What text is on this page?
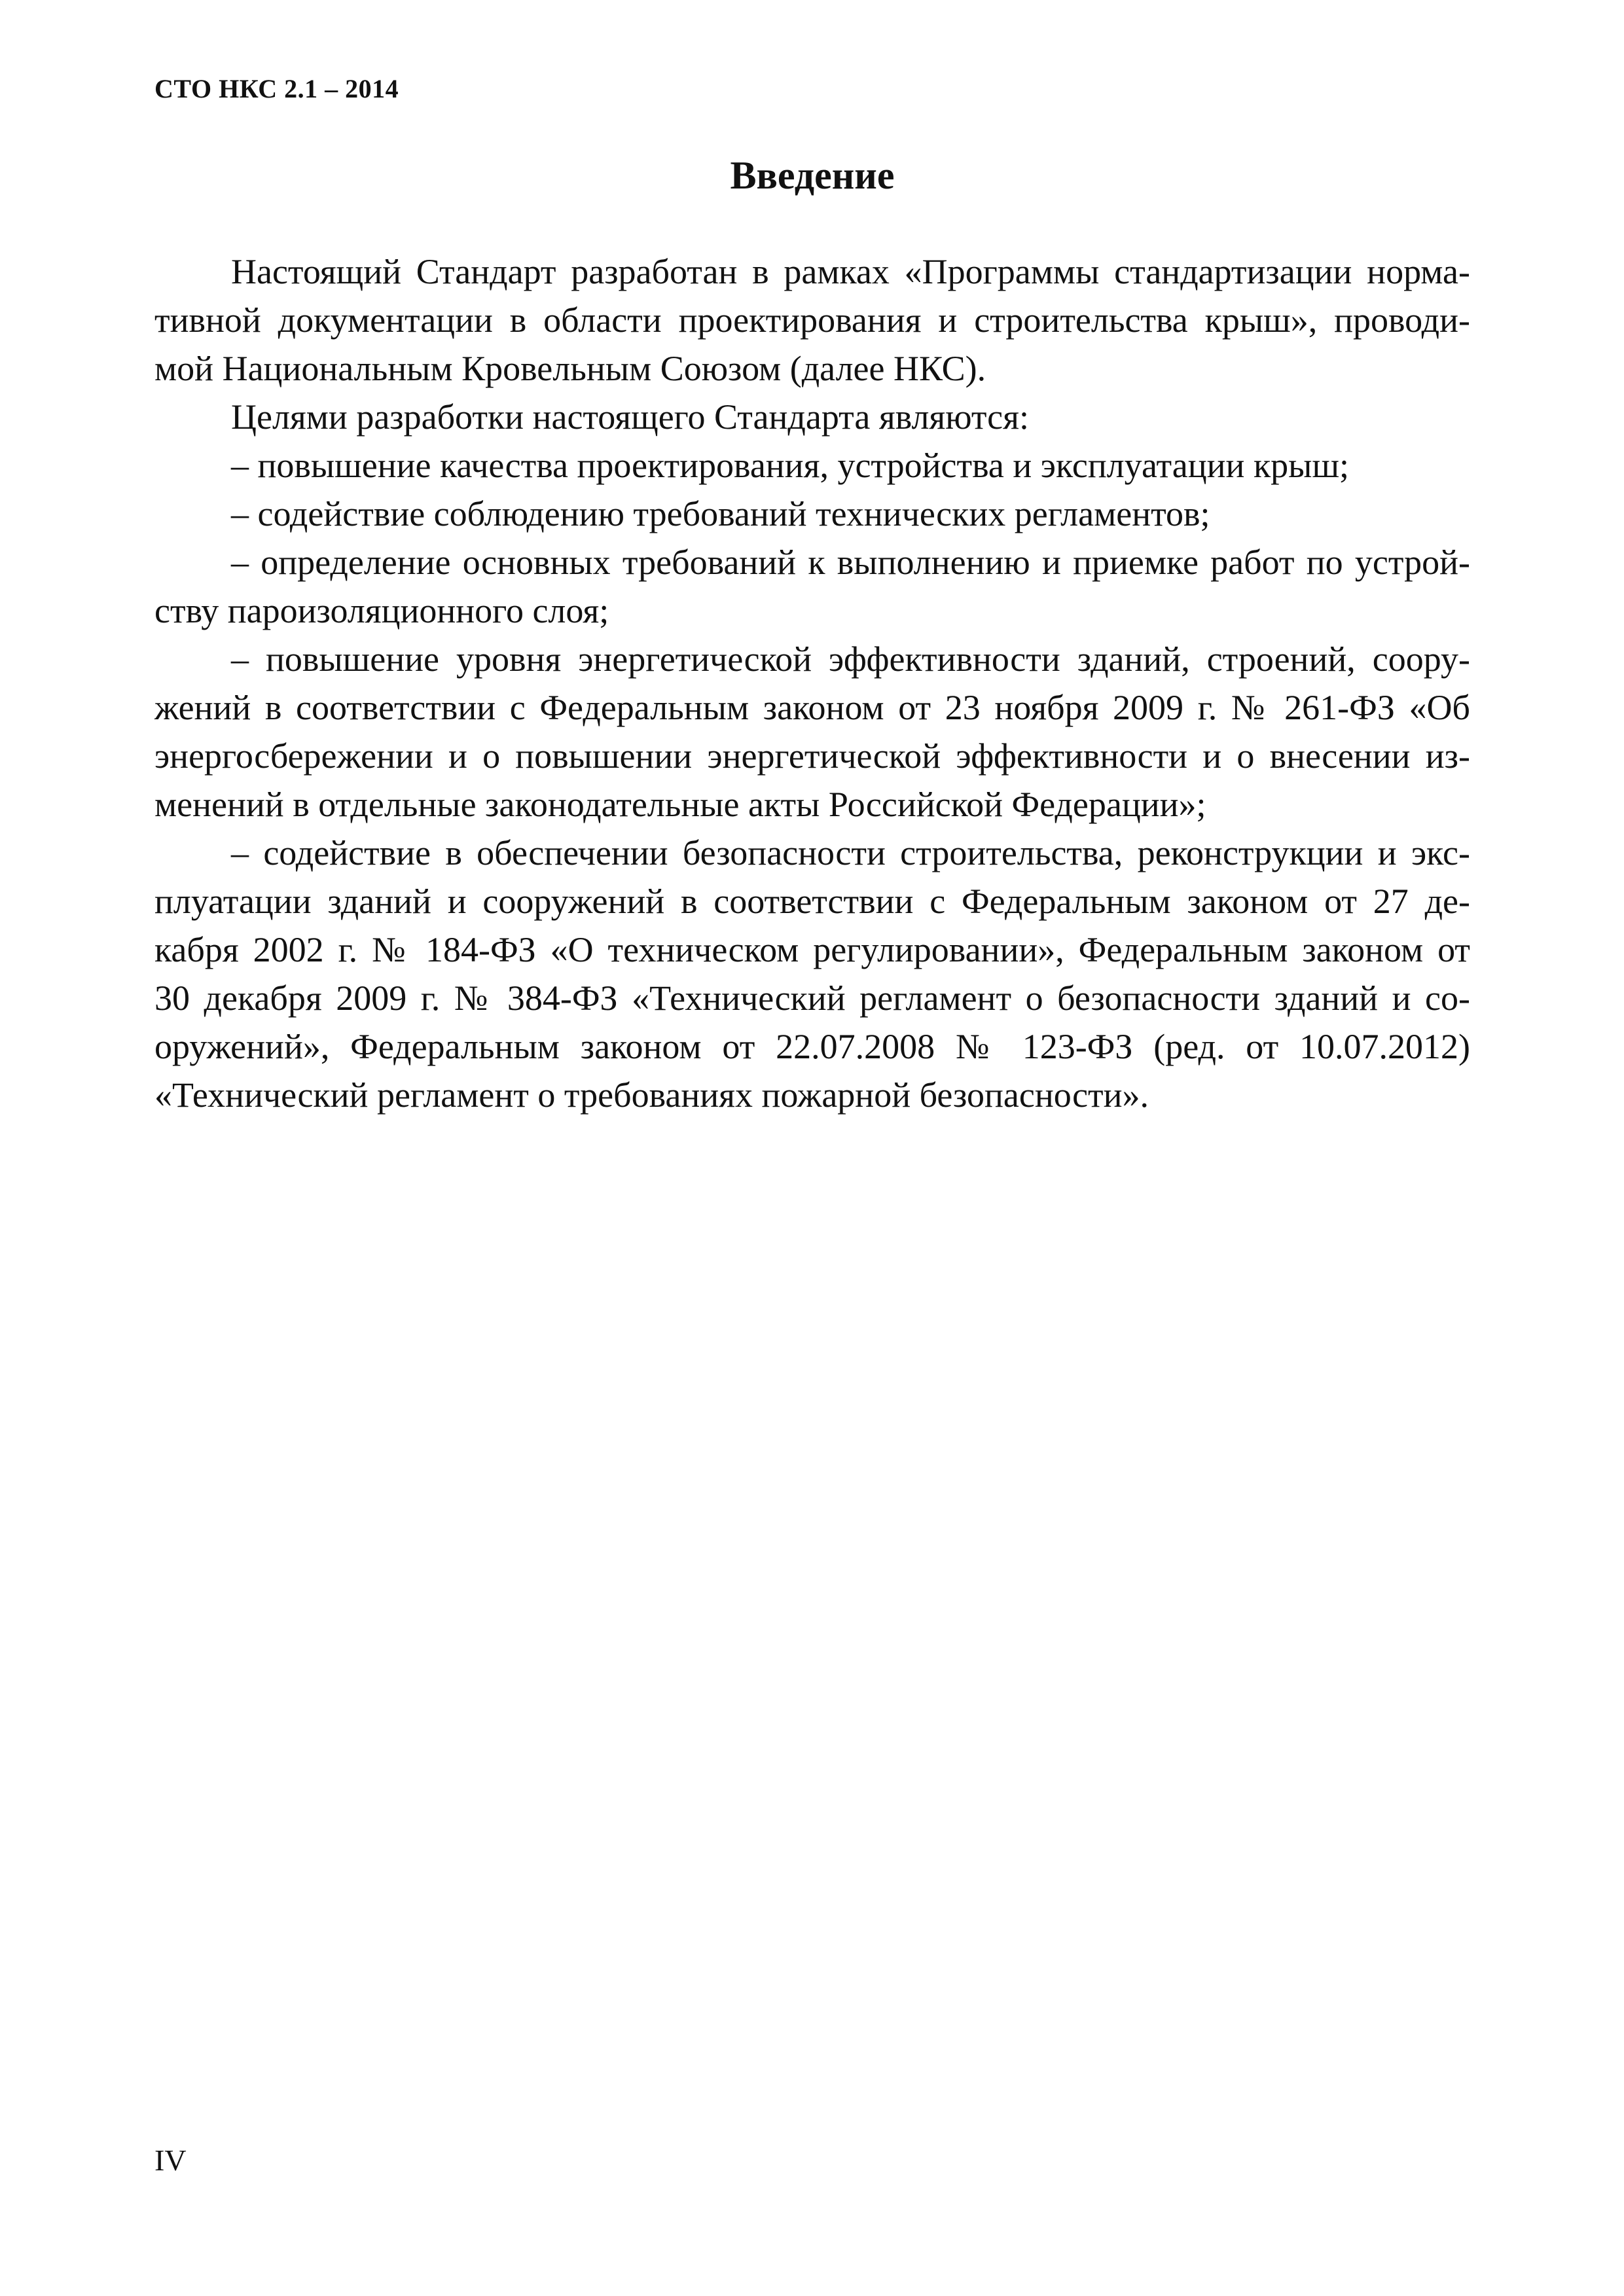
СТО НКС 2.1 – 2014
Введение

Настоящий Стандарт разработан в рамках «Программы стандартизации норма-
тивной документации в области проектирования и строительства крыш», проводи-
мой Национальным Кровельным Союзом (далее НКС).

Целями разработки настоящего Стандарта являются:

– повышение качества проектирования, устройства и эксплуатации крыш;

– содействие соблюдению требований технических регламентов;

– определение основных требований к выполнению и приемке работ по устрой-
ству пароизоляционного слоя;

– повышение уровня энергетической эффективности зданий, строений, соору-
жений в соответствии с Федеральным законом от 23 ноября 2009 г. № 261-ФЗ «Об
энергосбережении и о повышении энергетической эффективности и о внесении из-
менений в отдельные законодательные акты Российской Федерации»;

– содействие в обеспечении безопасности строительства, реконструкции и экс-
плуатации зданий и сооружений в соответствии с Федеральным законом от 27 де-
кабря 2002 г. № 184-ФЗ «О техническом регулировании», Федеральным законом от
30 декабря 2009 г. № 384-ФЗ «Технический регламент о безопасности зданий и со-
оружений», Федеральным законом от 22.07.2008 № 123-ФЗ (ред. от 10.07.2012)
«Технический регламент о требованиях пожарной безопасности».

IV
